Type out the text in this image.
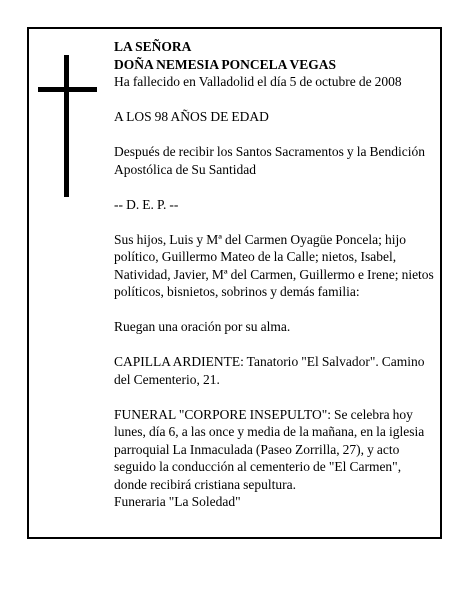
LA SEÑORA

DOÑA NEMESIA PONCELA VEGAS

Ha fallecido en Valladolid el día 5 de octubre de 2008

A LOS 98 AÑOS DE EDAD

Después de recibir los Santos Sacramentos y la Bendición Apostólica de Su Santidad

-- D. E. P. --

Sus hijos, Luis y Mª del Carmen Oyagüe Poncela; hijo político, Guillermo Mateo de la Calle; nietos, Isabel, Natividad, Javier, Mª del Carmen, Guillermo e Irene; nietos políticos, bisnietos, sobrinos y demás familia:

Ruegan una oración por su alma.

CAPILLA ARDIENTE: Tanatorio "El Salvador". Camino del Cementerio, 21.

FUNERAL "CORPORE INSEPULTO": Se celebra hoy lunes, día 6, a las once y media de la mañana, en la iglesia parroquial La Inmaculada (Paseo Zorrilla, 27), y acto seguido la conducción al cementerio de "El Carmen", donde recibirá cristiana sepultura.

Funeraria "La Soledad"
